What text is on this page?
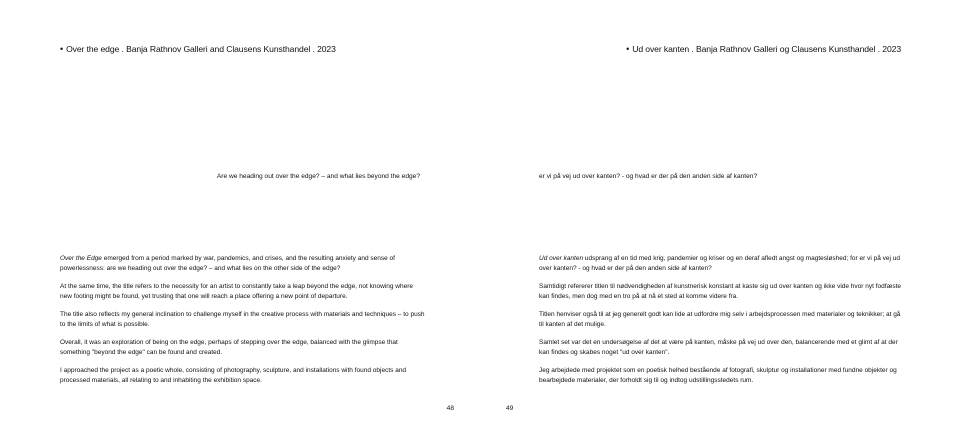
• Over the edge . Banja Rathnov Galleri and Clausens Kunsthandel . 2023
Are we heading out over the edge? – and what lies beyond the edge?

Over the Edge emerged from a period marked by war, pandemics, and crises, and the resulting anxiety and sense of powerlessness: are we heading out over the edge? – and what lies on the other side of the edge?

At the same time, the title refers to the necessity for an artist to constantly take a leap beyond the edge, not knowing where new footing might be found, yet trusting that one will reach a place offering a new point of departure.

The title also reflects my general inclination to challenge myself in the creative process with materials and techniques – to push to the limits of what is possible.

Overall, it was an exploration of being on the edge, perhaps of stepping over the edge, balanced with the glimpse that something "beyond the edge" can be found and created.

I approached the project as a poetic whole, consisting of photography, sculpture, and installations with found objects and processed materials, all relating to and inhabiting the exhibition space.

48
• Ud over kanten . Banja Rathnov Galleri og Clausens Kunsthandel . 2023
er vi på vej ud over kanten? - og hvad er der på den anden side af kanten?

Ud over kanten udsprang af en tid med krig, pandemier og kriser og en deraf afledt angst og magtesløshed; for er vi på vej ud over kanten? - og hvad er der på den anden side af kanten?

Samtidigt refererer titlen til nødvendigheden af kunstnerisk konstant at kaste sig ud over kanten og ikke vide hvor nyt fodfæste kan findes, men dog med en tro på at nå et sted at komme videre fra.

Titlen henviser også til at jeg generelt godt kan lide at udfordre mig selv i arbejdsprocessen med materialer og teknikker; at gå til kanten af det mulige.

Samlet set var det en undersøgelse af det at være på kanten, måske på vej ud over den, balancerende med et glimt af at der kan findes og skabes noget "ud over kanten".

Jeg arbejdede med projektet som en poetisk helhed bestående af fotografi, skulptur og installationer med fundne objekter og bearbejdede materialer, der forholdt sig til og indtog udstillingsstedets rum.

49
